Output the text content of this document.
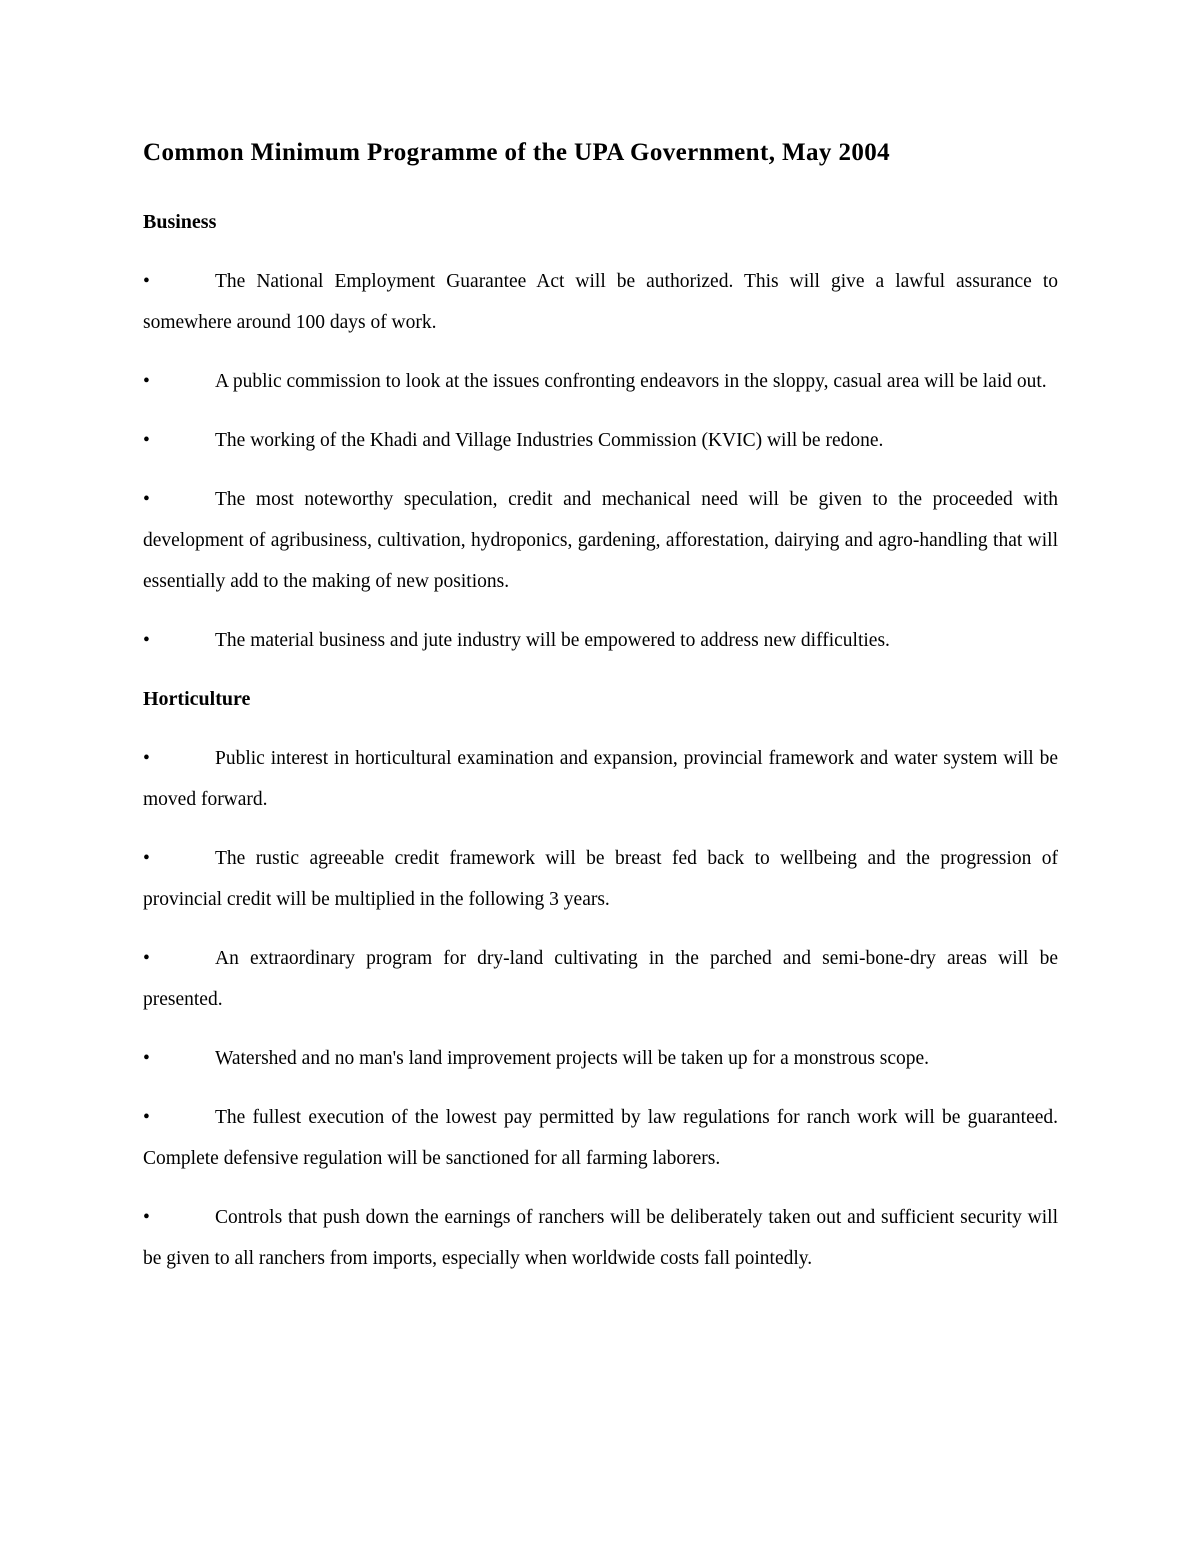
Common Minimum Programme of the UPA Government, May 2004
Business

•	The National Employment Guarantee Act will be authorized. This will give a lawful assurance to somewhere around 100 days of work.

•	A public commission to look at the issues confronting endeavors in the sloppy, casual area will be laid out.

•	The working of the Khadi and Village Industries Commission (KVIC) will be redone.

•	The most noteworthy speculation, credit and mechanical need will be given to the proceeded with development of agribusiness, cultivation, hydroponics, gardening, afforestation, dairying and agro-handling that will essentially add to the making of new positions.

•	The material business and jute industry will be empowered to address new difficulties.

Horticulture

•	Public interest in horticultural examination and expansion, provincial framework and water system will be moved forward.

•	The rustic agreeable credit framework will be breast fed back to wellbeing and the progression of provincial credit will be multiplied in the following 3 years.

•	An extraordinary program for dry-land cultivating in the parched and semi-bone-dry areas will be presented.

•	Watershed and no man's land improvement projects will be taken up for a monstrous scope.

•	The fullest execution of the lowest pay permitted by law regulations for ranch work will be guaranteed. Complete defensive regulation will be sanctioned for all farming laborers.

•	Controls that push down the earnings of ranchers will be deliberately taken out and sufficient security will be given to all ranchers from imports, especially when worldwide costs fall pointedly.
